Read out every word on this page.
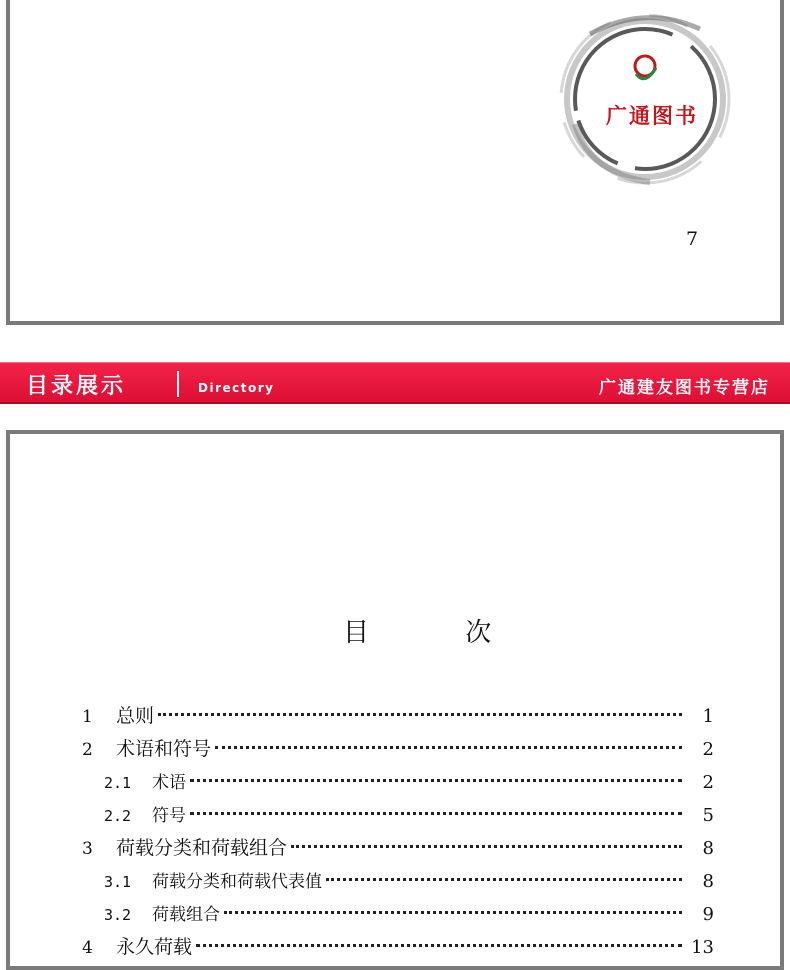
广通图书
7
目录展示	Directory	广通建友图书专营店
目 次
1	总则	1
2	术语和符号	2
2.1	术语	2
2.2	符号	5
3	荷载分类和荷载组合	8
3.1	荷载分类和荷载代表值	8
3.2	荷载组合	9
4	永久荷载	13
